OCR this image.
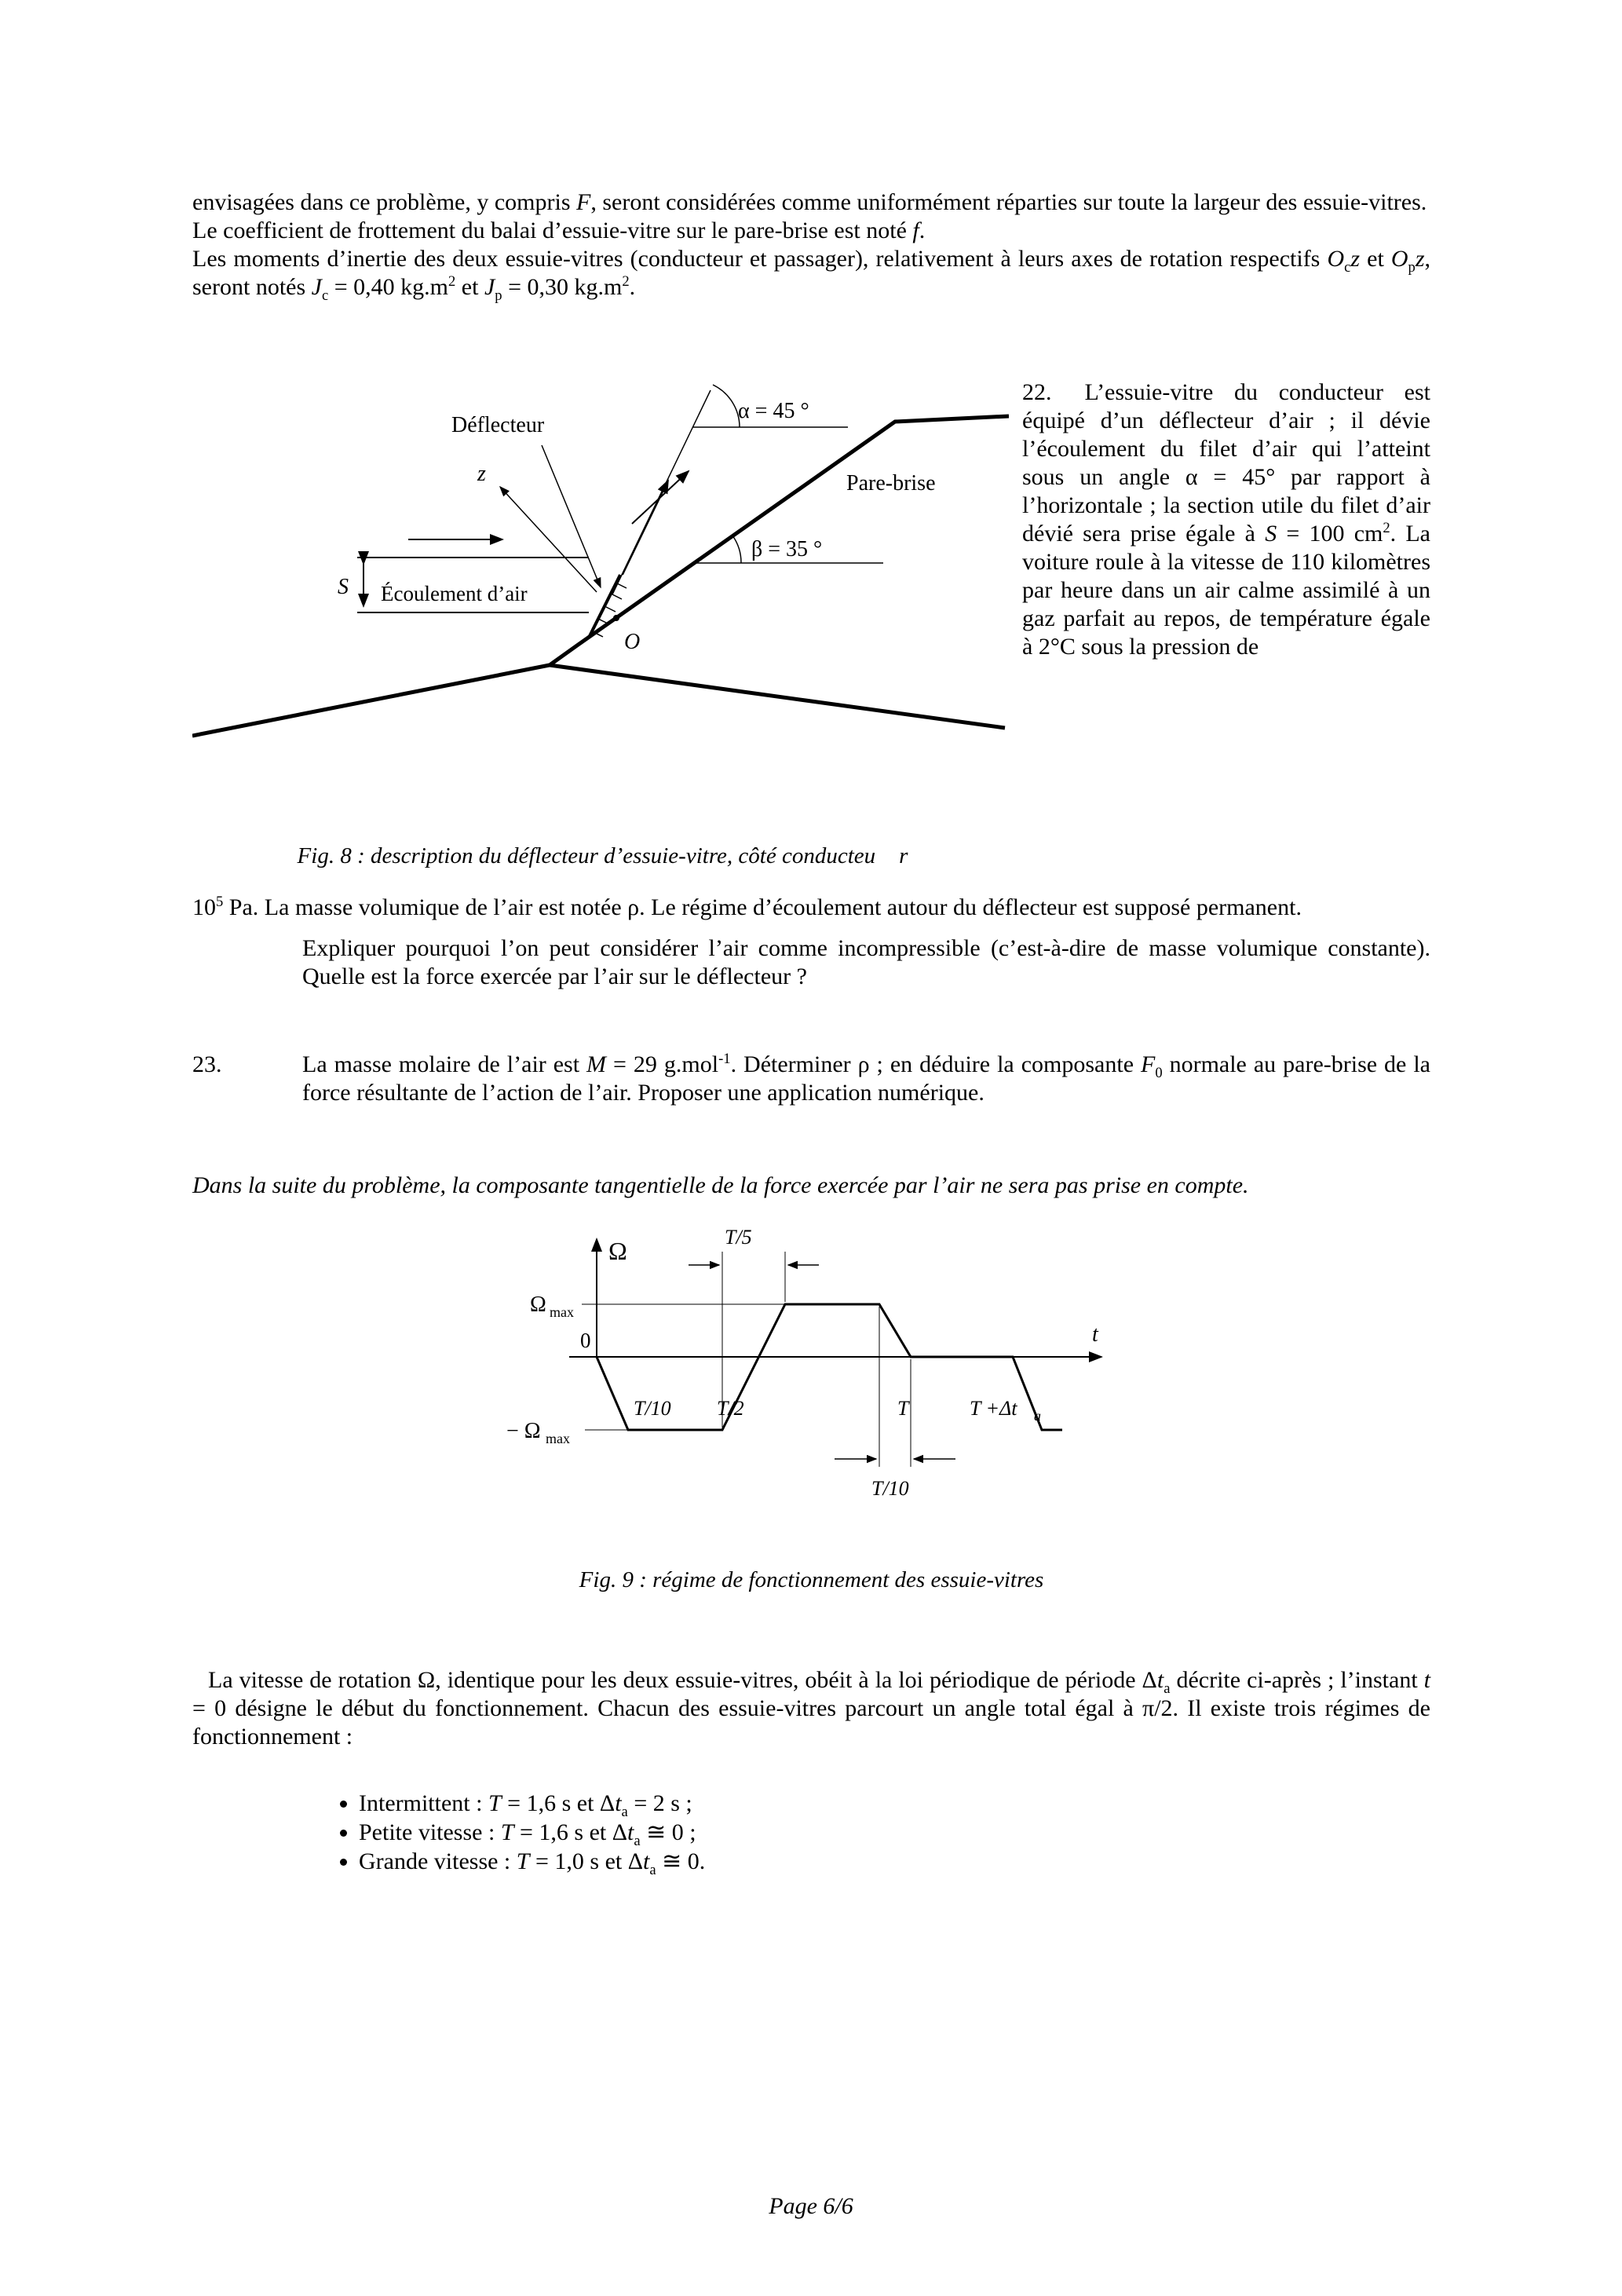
envisagées dans ce problème, y compris F, seront considérées comme uniformément réparties sur toute la largeur des essuie-vitres.

Le coefficient de frottement du balai d’essuie-vitre sur le pare-brise est noté f.

Les moments d’inertie des deux essuie-vitres (conducteur et passager), relativement à leurs axes de rotation respectifs $O_cz$ et $O_pz$, seront notés $J_c = 0,40$ $kg.m^2$ et $J_p = 0,30$ $kg.m^2$.

Déflecteur
α = 45 °
Pare-brise
z
β = 35 °
S Écoulement d’air
O
Fig. 8 : description du déflecteur d’essuie-vitre, côté conducteu r
22. L’essuie-vitre du conducteur est équipé d’un déflecteur d’air ; il dévie l’écoulement du filet d’air qui l’atteint sous un angle α = 45° par rapport à l’horizontale ; la section utile du filet d’air dévié sera prise égale à S = 100 $cm^2$. La voiture roule à la vitesse de 110 kilomètres par heure dans un air calme assimilé à un gaz parfait au repos, de température égale à 2°C sous la pression de

$10^5$ Pa. La masse volumique de l’air est notée ρ. Le régime d’écoulement autour du déflecteur est supposé permanent.

Expliquer pourquoi l’on peut considérer l’air comme incompressible (c’est-à-dire de masse volumique constante). Quelle est la force exercée par l’air sur le déflecteur ?

23.	La masse molaire de l’air est M = 29 g.mol$^{-1}$. Déterminer ρ ; en déduire la composante $F_0$ normale au pare-brise de la force résultante de l’action de l’air. Proposer une application numérique.

Dans la suite du problème, la composante tangentielle de la force exercée par l’air ne sera pas prise en compte.

Ω
0	t
T/5
T/10 T/2	T	T +Δt a
T/10
Ω max
− Ω max

Fig. 9 : régime de fonctionnement des essuie-vitres

La vitesse de rotation Ω, identique pour les deux essuie-vitres, obéit à la loi périodique de période $\Delta t_a$ décrite ci-après ; l’instant t = 0 désigne le début du fonctionnement. Chacun des essuie-vitres parcourt un angle total égal à π/2. Il existe trois régimes de fonctionnement :

• Intermittent : T = 1,6 s et $\Delta t_a = 2$ s ;
• Petite vitesse : T = 1,6 s et $\Delta t_a$ ≅ 0 ;
• Grande vitesse : T = 1,0 s et $\Delta t_a$ ≅ 0.
Page 6/6
